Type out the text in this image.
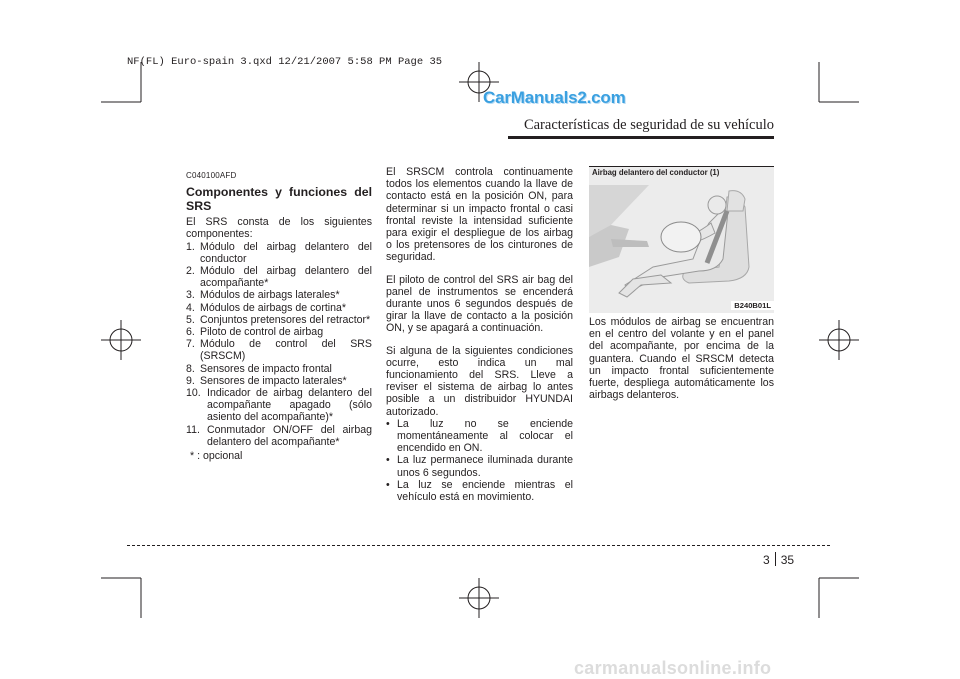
NF(FL) Euro-spain 3.qxd 12/21/2007 5:58 PM Page 35
CarManuals2.com
Características de seguridad de su vehículo
C040100AFD
Componentes y funciones del SRS
El SRS consta de los siguientes componentes:
1. Módulo del airbag delantero del conductor
2. Módulo del airbag delantero del acompañante*
3. Módulos de airbags laterales*
4. Módulos de airbags de cortina*
5. Conjuntos pretensores del retractor*
6. Piloto de control de airbag
7. Módulo de control del SRS (SRSCM)
8. Sensores de impacto frontal
9. Sensores de impacto laterales*
10. Indicador de airbag delantero del acompañante apagado (sólo asiento del acompañante)*
11. Conmutador ON/OFF del airbag delantero del acompañante*
* : opcional

El SRSCM controla continuamente todos los elementos cuando la llave de contacto está en la posición ON, para determinar si un impacto frontal o casi frontal reviste la intensidad suficiente para exigir el despliegue de los airbag o los pretensores de los cinturones de seguridad.

El piloto de control del SRS air bag del panel de instrumentos se encenderá durante unos 6 segundos después de girar la llave de contacto a la posición ON, y se apagará a continuación.

Si alguna de la siguientes condiciones ocurre, esto indica un mal funcionamiento del SRS. Lleve a reviser el sistema de airbag lo antes posible a un distribuidor HYUNDAI autorizado.

• La luz no se enciende momentáneamente al colocar el encendido en ON.
• La luz permanece iluminada durante unos 6 segundos.
• La luz se enciende mientras el vehículo está en movimiento.
Airbag delantero del conductor (1)
B240B01L

Los módulos de airbag se encuentran en el centro del volante y en el panel del acompañante, por encima de la guantera. Cuando el SRSCM detecta un impacto frontal suficientemente fuerte, despliega automáticamente los airbags delanteros.

3 35
carmanualsonline.info
